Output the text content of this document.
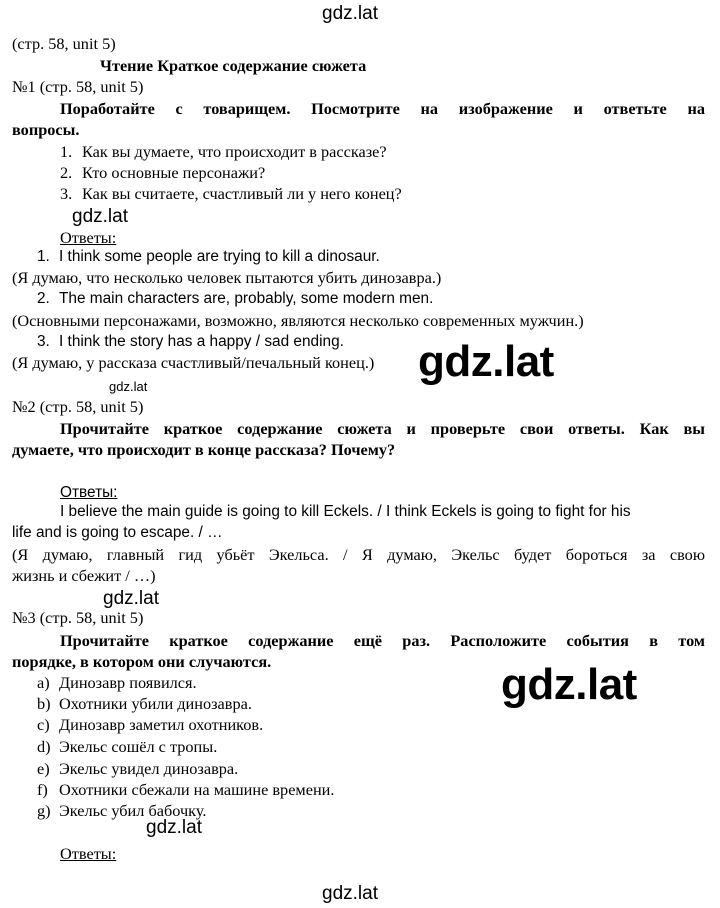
gdz.lat
(стр. 58, unit 5)
Чтение Краткое содержание сюжета
№1 (стр. 58, unit 5)
Поработайте с товарищем. Посмотрите на изображение и ответьте на
вопросы.
1. Как вы думаете, что происходит в рассказе?
2. Кто основные персонажи?
3. Как вы считаете, счастливый ли у него конец?
gdz.lat
Ответы:
1. I think some people are trying to kill a dinosaur.
(Я думаю, что несколько человек пытаются убить динозавра.)
2. The main characters are, probably, some modern men.
(Основными персонажами, возможно, являются несколько современных мужчин.)
3. I think the story has a happy / sad ending.
(Я думаю, у рассказа счастливый/печальный конец.) gdz.lat
gdz.lat
№2 (стр. 58, unit 5)
Прочитайте краткое содержание сюжета и проверьте свои ответы. Как вы
думаете, что происходит в конце рассказа? Почему?
Ответы:
I believe the main guide is going to kill Eckels. / I think Eckels is going to fight for his
life and is going to escape. / …
(Я думаю, главный гид убьёт Экельса. / Я думаю, Экельс будет бороться за свою
жизнь и сбежит / …)
gdz.lat
№3 (стр. 58, unit 5)
Прочитайте краткое содержание ещё раз. Расположите события в том
порядке, в котором они случаются.
a) Динозавр появился.
b) Охотники убили динозавра.
c) Динозавр заметил охотников.
d) Экельс сошёл с тропы.
e) Экельс увидел динозавра.
f) Охотники сбежали на машине времени.
g) Экельс убил бабочку.
gdz.lat
gdz.lat
Ответы:
gdz.lat
